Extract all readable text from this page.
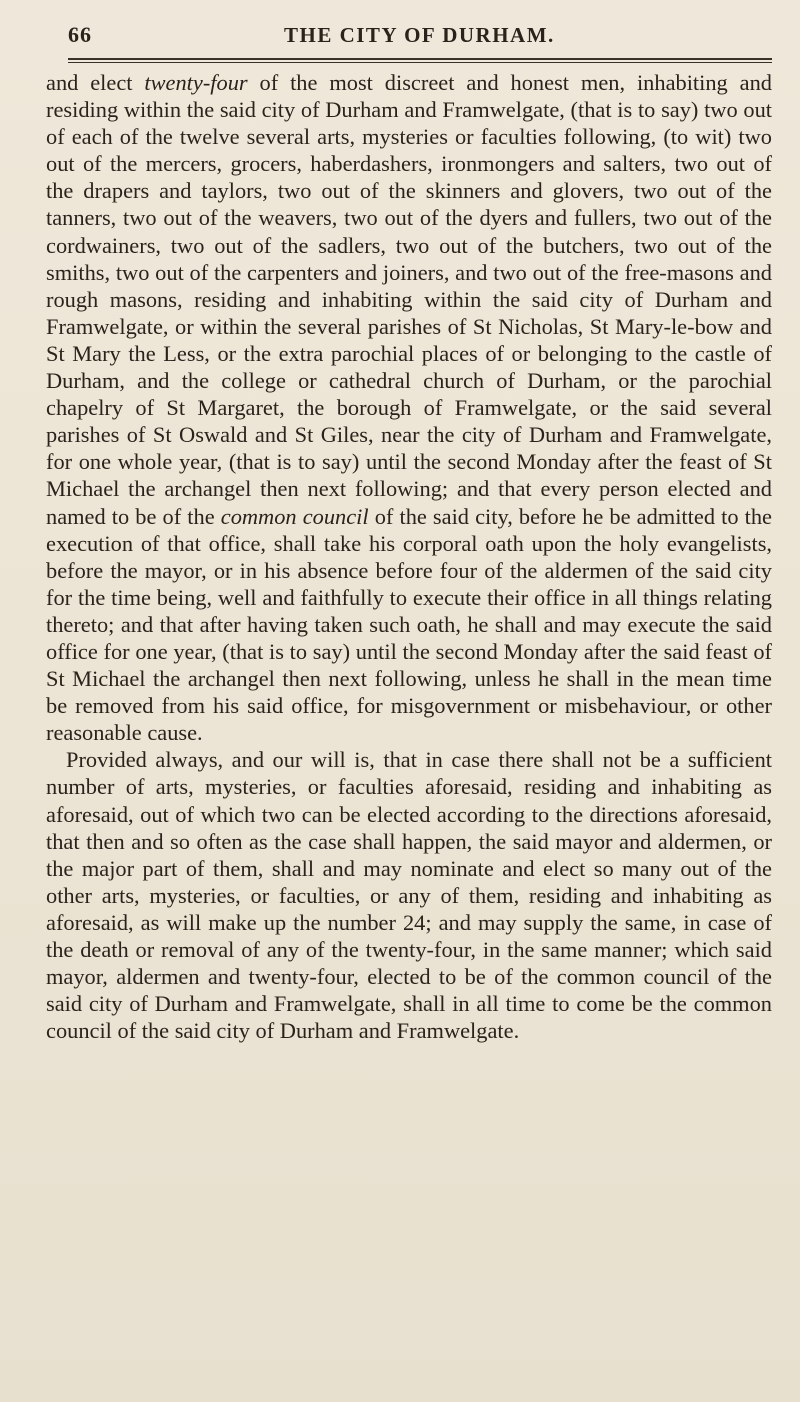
66	THE CITY OF DURHAM.

and elect twenty-four of the most discreet and honest men, inhabiting and residing within the said city of Durham and Framwelgate, (that is to say) two out of each of the twelve several arts, mysteries or faculties following, (to wit) two out of the mercers, grocers, haberdashers, ironmongers and salters, two out of the drapers and taylors, two out of the skinners and glovers, two out of the tanners, two out of the weavers, two out of the dyers and fullers, two out of the cordwainers, two out of the sadlers, two out of the butchers, two out of the smiths, two out of the carpenters and joiners, and two out of the free-masons and rough masons, residing and inhabiting within the said city of Durham and Framwelgate, or within the several parishes of St Nicholas, St Mary-le-bow and St Mary the Less, or the extra parochial places of or belonging to the castle of Durham, and the college or cathedral church of Durham, or the parochial chapelry of St Margaret, the borough of Framwelgate, or the said several parishes of St Oswald and St Giles, near the city of Durham and Framwelgate, for one whole year, (that is to say) until the second Monday after the feast of St Michael the archangel then next following; and that every person elected and named to be of the common council of the said city, before he be admitted to the execution of that office, shall take his corporal oath upon the holy evangelists, before the mayor, or in his absence before four of the aldermen of the said city for the time being, well and faithfully to execute their office in all things relating thereto; and that after having taken such oath, he shall and may execute the said office for one year, (that is to say) until the second Monday after the said feast of St Michael the archangel then next following, unless he shall in the mean time be removed from his said office, for misgovernment or misbehaviour, or other reasonable cause.

Provided always, and our will is, that in case there shall not be a sufficient number of arts, mysteries, or faculties aforesaid, residing and inhabiting as aforesaid, out of which two can be elected according to the directions aforesaid, that then and so often as the case shall happen, the said mayor and aldermen, or the major part of them, shall and may nominate and elect so many out of the other arts, mysteries, or faculties, or any of them, residing and inhabiting as aforesaid, as will make up the number 24; and may supply the same, in case of the death or removal of any of the twenty-four, in the same manner; which said mayor, aldermen and twenty-four, elected to be of the common council of the said city of Durham and Framwelgate, shall in all time to come be the common council of the said city of Durham and Framwelgate.
